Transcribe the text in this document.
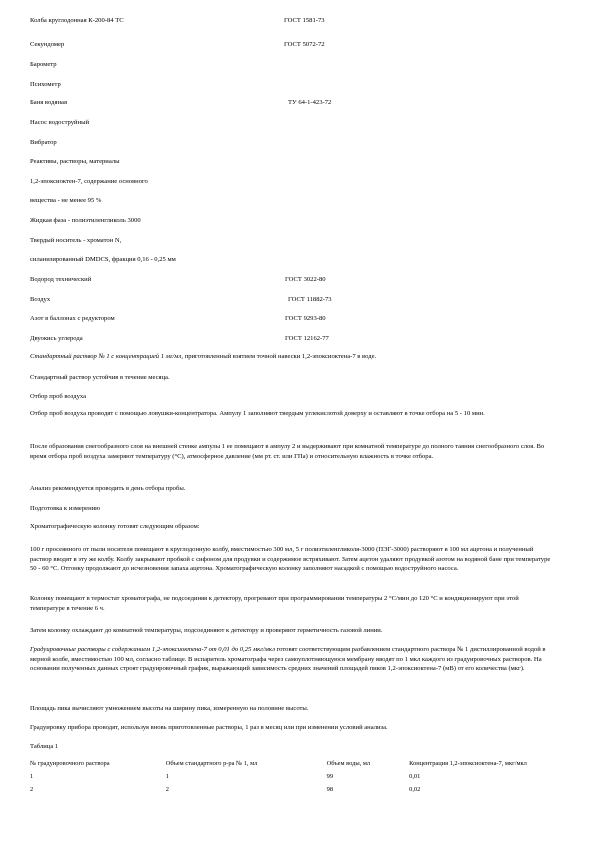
Колба круглодонная К-200-84 ТС	ГОСТ 1581-73
Секундомер	ГОСТ 5072-72
Барометр
Психометр
Баня водяная	ТУ 64-1-423-72
Насос водоструйный
Вибратор
Реактивы, растворы, материалы
1,2-эпоксиоктен-7, содержание основного
вещества - не менее 95 %
Жидкая фаза - полиэтиленгликоль 3000
Твердый носитель - хроматон N,
силанизированный DMDCS, фракция 0,16 - 0,25 мм
Водород технический	ГОСТ 3022-80
Воздух	ГОСТ 11882-73
Азот в баллонах с редуктором	ГОСТ 9293-80
Двуокись углерода	ГОСТ 12162-77
Стандартный раствор № 1 с концентрацией 1 мг/мл, приготовленный взятием точной навески 1,2-эпоксиоктена-7 в воде.
Стандартный раствор устойчив в течение месяца.
Отбор проб воздуха
Отбор проб воздуха проводят с помощью ловушки-концентратора. Ампулу 1 заполняют твердым углекислотой доверху и оставляют в точке отбора на 5 - 10 мин.
После образования снегообразного слоя на внешней стенке ампулы 1 ее помещают в ампулу 2 и выдерживают при комнатной температуре до полного таяния снегообразного слоя. Во время отбора проб воздуха замеряют температуру (°С), атмосферное давление (мм рт. ст. или ГПа) и относительную влажность в точке отбора.
Анализ рекомендуется проводить в день отбора пробы.
Подготовка к измерению
Хроматографическую колонку готовят следующим образом:
100 г просеянного от пыли носителя помещают в круглодонную колбу, вместимостью 300 мл, 5 г полиэтиленгликоля-3000 (ПЭГ-3000) растворяют в 100 мл ацетона и полученный раствор вводят в эту же колбу. Колбу закрывают пробкой с сифоном для продувки и содержимое встряхивают. Затем ацетон удаляют продувкой азотом на водяной бане при температуре 50 - 60 °С. Отгонку продолжают до исчезновения запаха ацетона. Хроматографическую колонку заполняют насадкой с помощью водоструйного насоса.
Колонку помещают в термостат хроматографа, не подсоединяя к детектору, прогревают при программировании температуры 2 °С/мин до 120 °С и кондиционируют при этой температуре в течение 6 ч.
Затем колонку охлаждают до комнатной температуры, подсоединяют к детектору и проверяют герметичность газовой линии.
Градуировочные растворы с содержанием 1,2-эпоксиоктена-7 от 0,01 до 0,25 мкг/мкл готовят соответствующим разбавлением стандартного раствора № 1 дистиллированной водой в мерной колбе, вместимостью 100 мл, согласно таблице. В испаритель хроматографа через самоуплотняющуюся мембрану вводят по 1 мкл каждого из градуировочных растворов. На основании полученных данных строят градуировочный график, выражающий зависимость средних значений площадей пиков 1,2-эпоксиоктена-7 (мВ) от его количества (мкг).
Площадь пика вычисляют умножением высоты на ширину пика, измеренную на половине высоты.
Градуировку прибора проводят, используя вновь приготовленные растворы, 1 раз в месяц или при изменении условий анализа.
Таблица 1
№ градуировочного раствора	Объем стандартного р-ра № 1, мл	Объем воды, мл	Концентрация 1,2-эпоксиоктена-7, мкг/мкл
1	1	99	0,01
2	2	98	0,02
